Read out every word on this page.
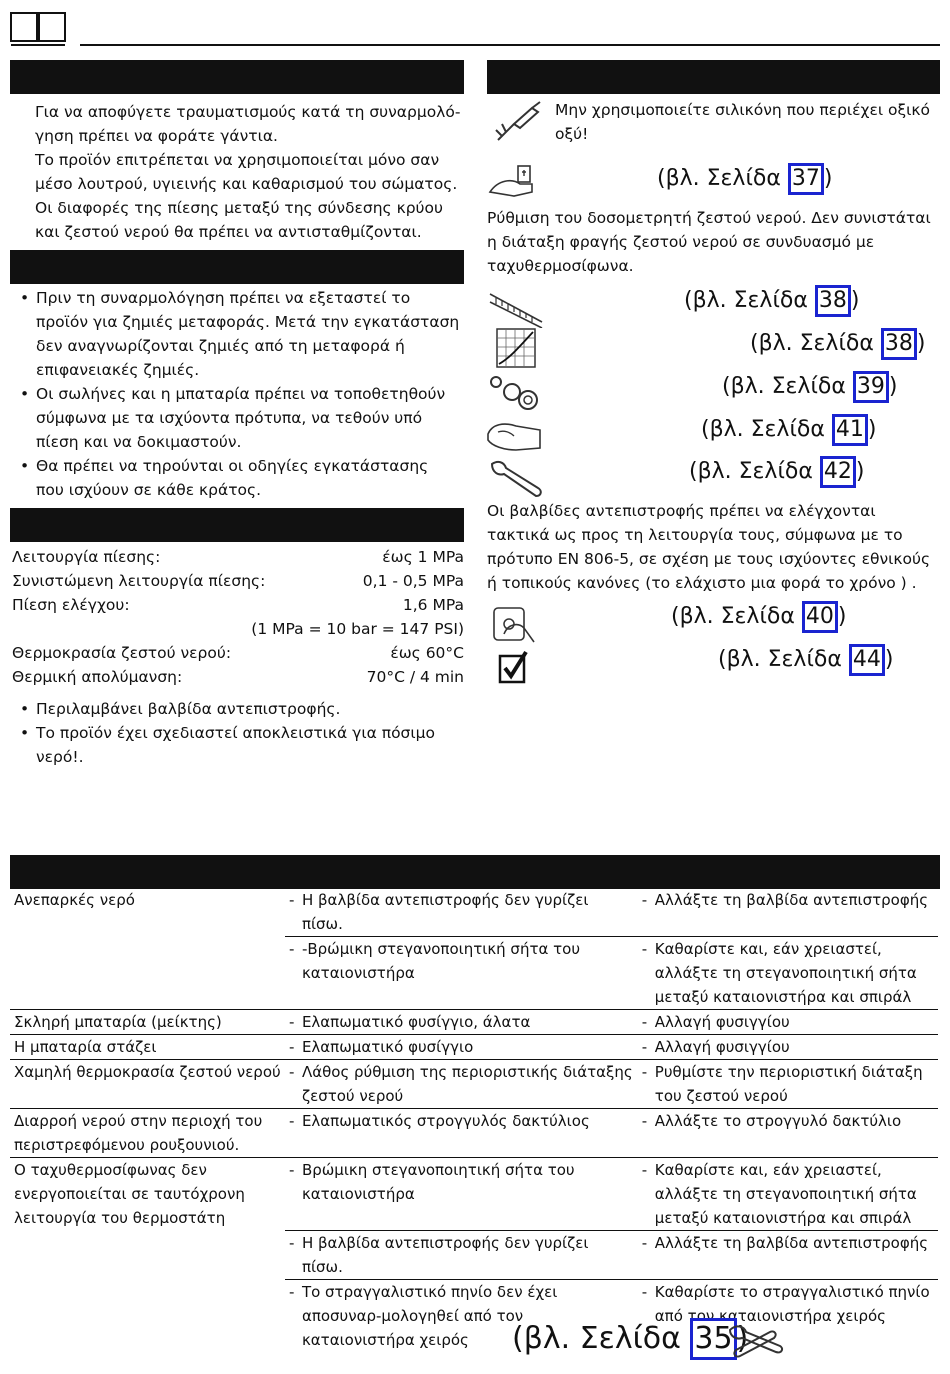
Για να αποφύγετε τραυματισμούς κατά τη συναρμολό-
γηση πρέπει να φοράτε γάντια.
Το προϊόν επιτρέπεται να χρησιμοποιείται μόνο σαν
μέσο λουτρού, υγιεινής και καθαρισμού του σώματος.
Οι διαφορές της πίεσης μεταξύ της σύνδεσης κρύου
και ζεστού νερού θα πρέπει να αντισταθμίζονται.
• Πριν τη συναρμολόγηση πρέπει να εξεταστεί το προϊόν για ζημιές μεταφοράς. Μετά την εγκατάσταση δεν αναγνωρίζονται ζημιές από τη μεταφορά ή επιφανειακές ζημιές.
• Οι σωλήνες και η μπαταρία πρέπει να τοποθετηθούν σύμφωνα με τα ισχύοντα πρότυπα, να τεθούν υπό πίεση και να δοκιμαστούν.
• Θα πρέπει να τηρούνται οι οδηγίες εγκατάστασης που ισχύουν σε κάθε κράτος.
Λειτουργία πίεσης:	έως 1 MPa
Συνιστώμενη λειτουργία πίεσης:	0,1 - 0,5 MPa
Πίεση ελέγχου:	1,6 MPa
(1 MPa = 10 bar = 147 PSI)
Θερμοκρασία ζεστού νερού:	έως 60°C
Θερμική απολύμανση:	70°C / 4 min
• Περιλαμβάνει βαλβίδα αντεπιστροφής.
• Το προϊόν έχει σχεδιαστεί αποκλειστικά για πόσιμο νερό!.
Μην χρησιμοποιείτε σιλικόνη που περιέχει οξικό οξύ!
(βλ. Σελίδα 37 )
Ρύθμιση του δοσομετρητή ζεστού νερού. Δεν συνιστάται η διάταξη φραγής ζεστού νερού σε συνδυασμό με ταχυθερμοσίφωνα.
(βλ. Σελίδα 38 )
(βλ. Σελίδα 38 )
(βλ. Σελίδα 39 )
(βλ. Σελίδα 41 )
(βλ. Σελίδα 42 )
Οι βαλβίδες αντεπιστροφής πρέπει να ελέγχονται τακτικά ως προς τη λειτουργία τους, σύμφωνα με το πρότυπο EN 806-5, σε σχέση με τους ισχύοντες εθνικούς ή τοπικούς κανόνες (το ελάχιστο μια φορά το χρόνο ) .
(βλ. Σελίδα 40 )
(βλ. Σελίδα 44 )
Ανεπαρκές νερό	- Η βαλβίδα αντεπιστροφής δεν γυρίζει πίσω.	- Αλλάξτε τη βαλβίδα αντεπιστροφής

	- -Βρώμικη στεγανοποιητική σήτα του καταιονιστήρα	- Καθαρίστε και, εάν χρειαστεί, αλλάξτε τη στεγανοποιητική σήτα μεταξύ καταιονιστήρα και σπιράλ

Σκληρή μπαταρία (μείκτης)	- Ελαπωματικό φυσίγγιο, άλατα	- Αλλαγή φυσιγγίου

Η μπαταρία στάζει	- Ελαπωματικό φυσίγγιο	- Αλλαγή φυσιγγίου

Χαμηλή θερμοκρασία ζεστού νερού	- Λάθος ρύθμιση της περιοριστικής διάταξης ζεστού νερού	- Ρυθμίστε την περιοριστική διάταξη του ζεστού νερού

Διαρροή νερού στην περιοχή του περιστρεφόμενου ρουξουνιού.	- Ελαπωματικός στρογγυλός δακτύλιος	- Αλλάξτε το στρογγυλό δακτύλιο

Ο ταχυθερμοσίφωνας δεν ενεργοποιείται σε ταυτόχρονη λειτουργία του θερμοστάτη	- Βρώμικη στεγανοποιητική σήτα του καταιονιστήρα	- Καθαρίστε και, εάν χρειαστεί, αλλάξτε τη στεγανοποιητική σήτα μεταξύ καταιονιστήρα και σπιράλ

	- Η βαλβίδα αντεπιστροφής δεν γυρίζει πίσω.	- Αλλάξτε τη βαλβίδα αντεπιστροφής

	- Το στραγγαλιστικό πηνίο δεν έχει αποσυναρ-μολογηθεί από τον καταιονιστήρα χειρός	- Καθαρίστε το στραγγαλιστικό πηνίο από τον καταιονιστήρα χειρός
(βλ. Σελίδα 35 )
